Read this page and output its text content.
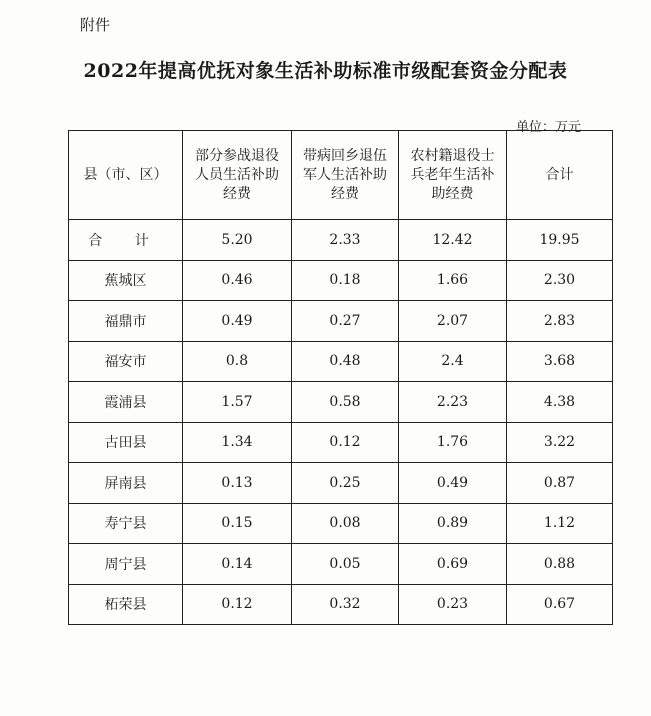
附件
2022年提高优抚对象生活补助标准市级配套资金分配表
单位：万元
县（市、区）	部分参战退役人员生活补助经费	带病回乡退伍军人生活补助经费	农村籍退役士兵老年生活补助经费	合计
合 计	5.20	2.33	12.42	19.95
蕉城区	0.46	0.18	1.66	2.30
福鼎市	0.49	0.27	2.07	2.83
福安市	0.8	0.48	2.4	3.68
霞浦县	1.57	0.58	2.23	4.38
古田县	1.34	0.12	1.76	3.22
屏南县	0.13	0.25	0.49	0.87
寿宁县	0.15	0.08	0.89	1.12
周宁县	0.14	0.05	0.69	0.88
柘荣县	0.12	0.32	0.23	0.67
